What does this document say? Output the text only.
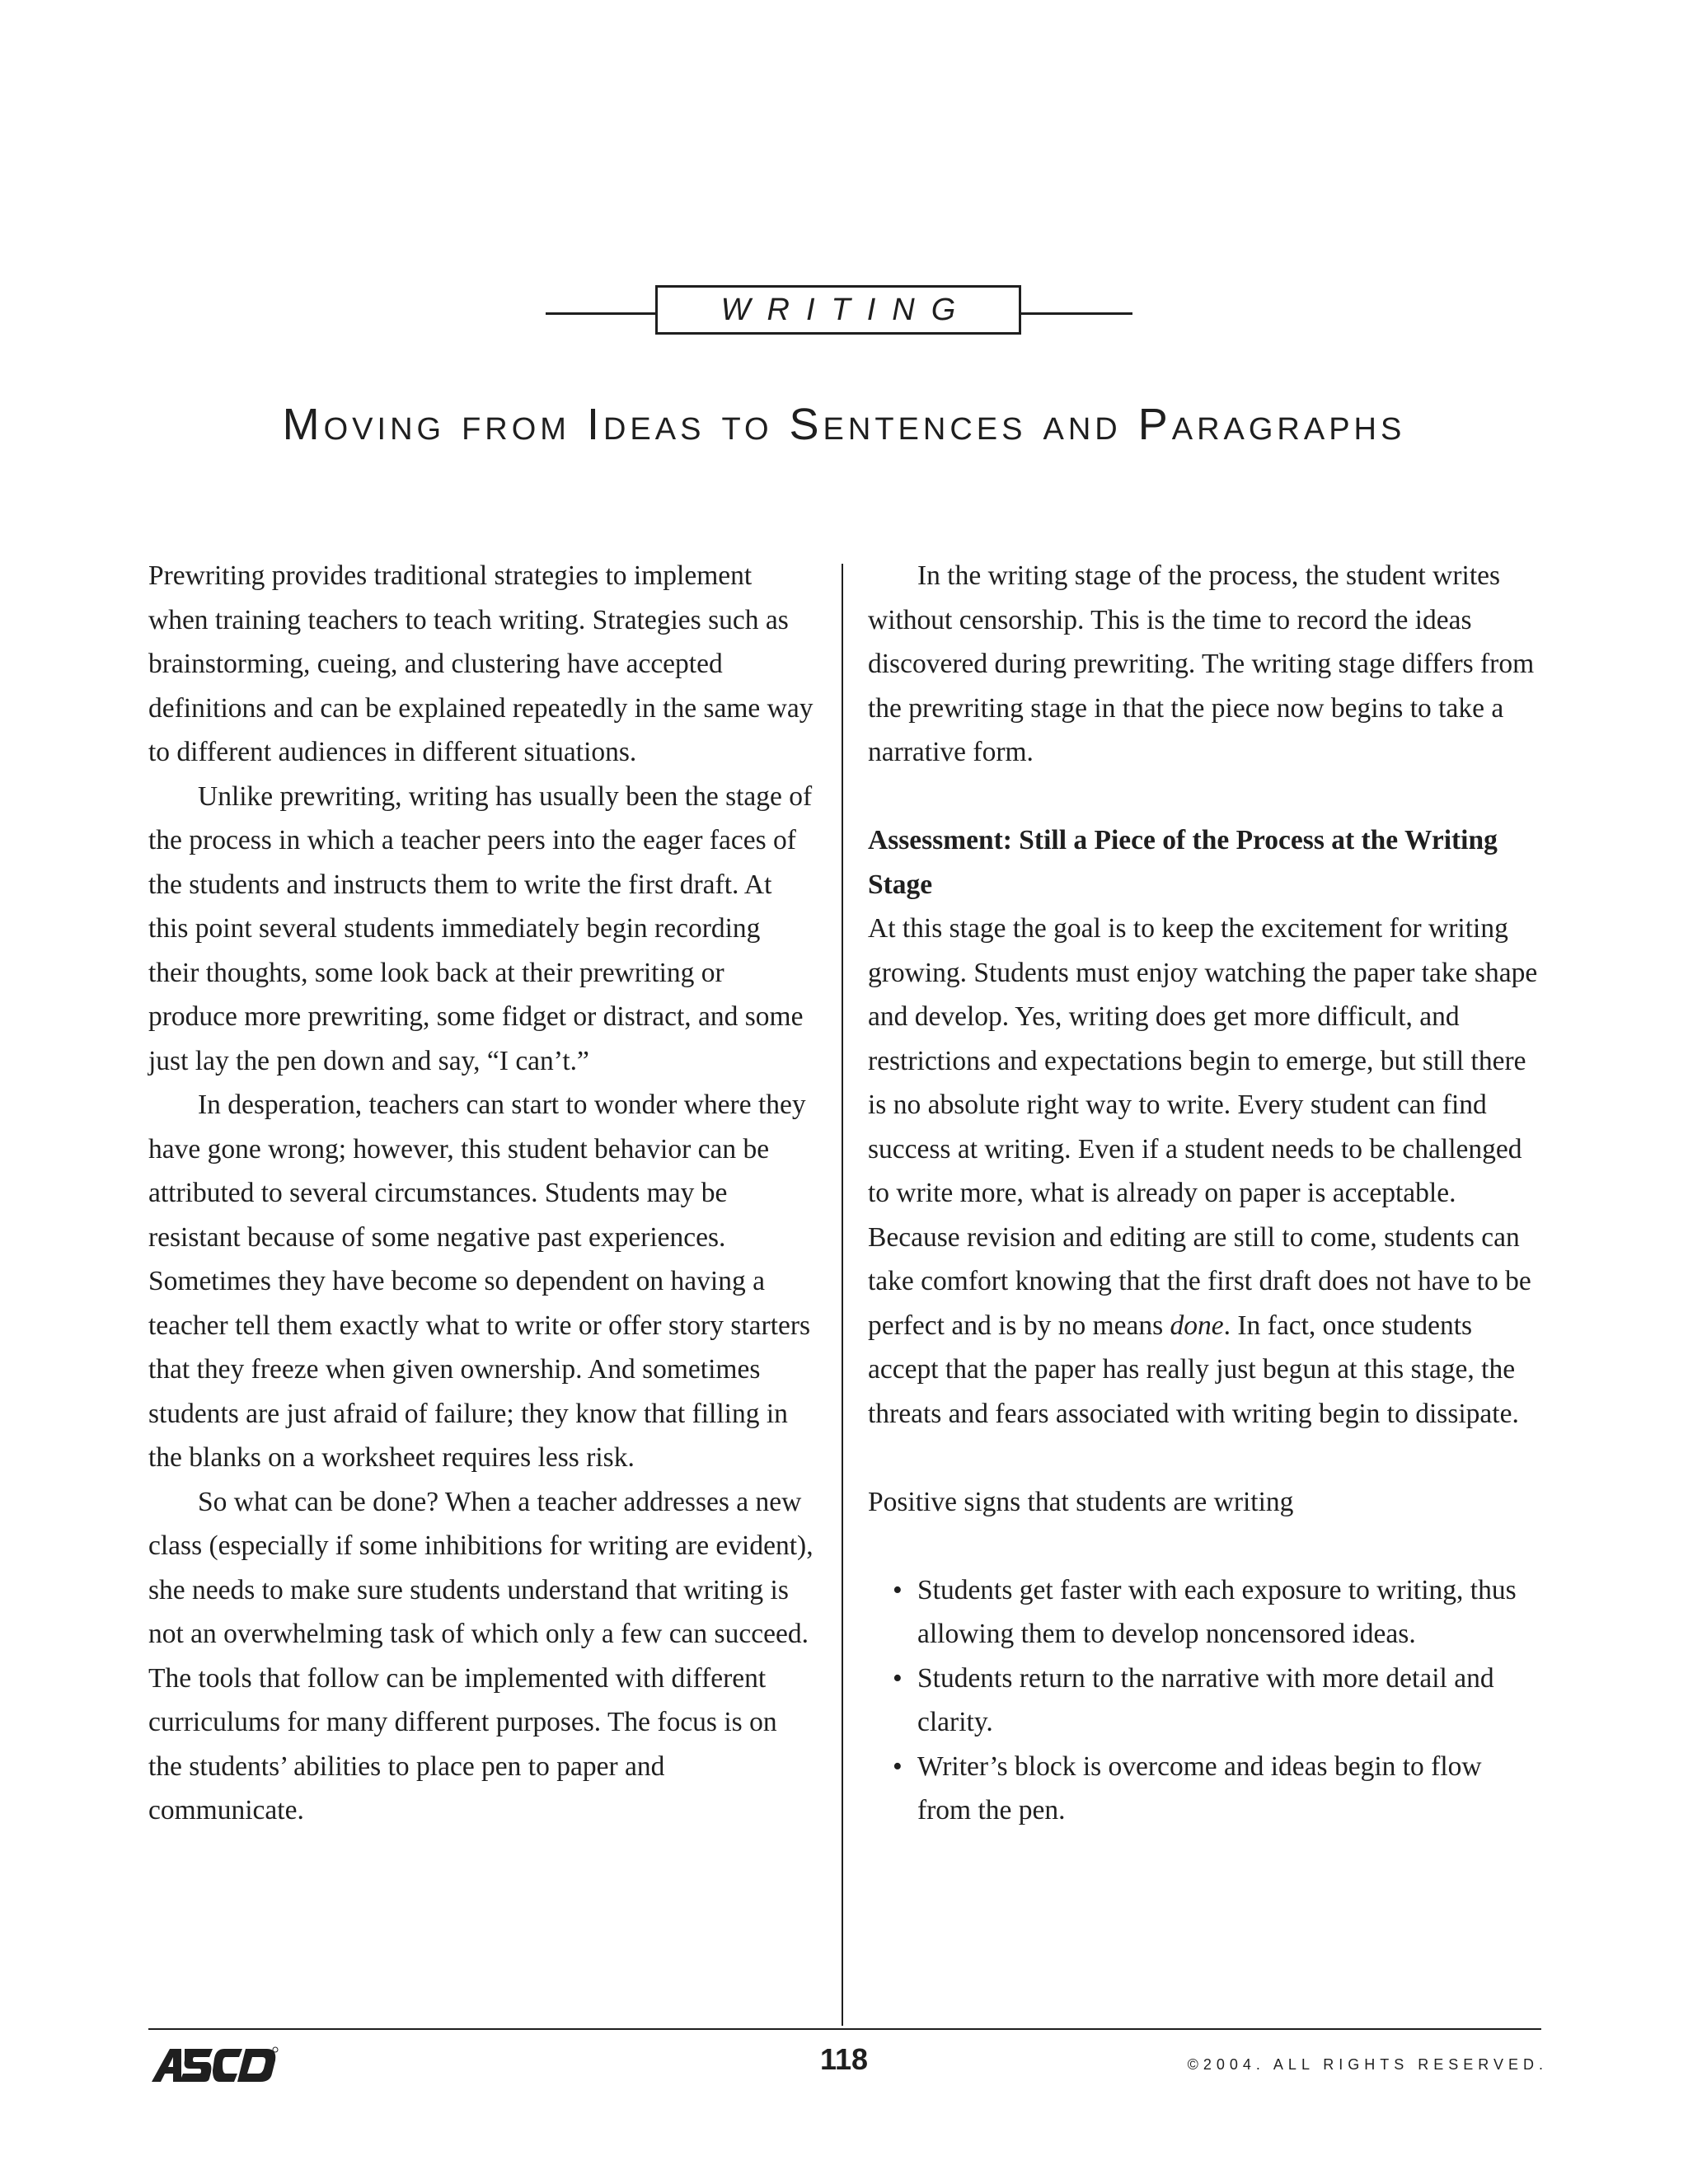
WRITING
Moving from Ideas to Sentences and Paragraphs

Prewriting provides traditional strategies to implement when training teachers to teach writing. Strategies such as brainstorming, cueing, and clustering have accepted definitions and can be explained repeatedly in the same way to different audiences in different situations.

Unlike prewriting, writing has usually been the stage of the process in which a teacher peers into the eager faces of the students and instructs them to write the first draft. At this point several students immediately begin recording their thoughts, some look back at their prewriting or produce more prewriting, some fidget or distract, and some just lay the pen down and say, “I can’t.”

In desperation, teachers can start to wonder where they have gone wrong; however, this student behavior can be attributed to several circumstances. Students may be resistant because of some negative past experiences. Sometimes they have become so dependent on having a teacher tell them exactly what to write or offer story starters that they freeze when given ownership. And sometimes students are just afraid of failure; they know that filling in the blanks on a worksheet requires less risk.

So what can be done? When a teacher addresses a new class (especially if some inhibitions for writing are evident), she needs to make sure students understand that writing is not an overwhelming task of which only a few can succeed. The tools that follow can be implemented with different curriculums for many different purposes. The focus is on the students’ abilities to place pen to paper and communicate.

In the writing stage of the process, the student writes without censorship. This is the time to record the ideas discovered during prewriting. The writing stage differs from the prewriting stage in that the piece now begins to take a narrative form.

Assessment: Still a Piece of the Process at the Writing Stage

At this stage the goal is to keep the excitement for writing growing. Students must enjoy watching the paper take shape and develop. Yes, writing does get more difficult, and restrictions and expectations begin to emerge, but still there is no absolute right way to write. Every student can find success at writing. Even if a student needs to be challenged to write more, what is already on paper is acceptable. Because revision and editing are still to come, students can take comfort knowing that the first draft does not have to be perfect and is by no means done. In fact, once students accept that the paper has really just begun at this stage, the threats and fears associated with writing begin to dissipate.

Positive signs that students are writing

• Students get faster with each exposure to writing, thus allowing them to develop noncensored ideas.
• Students return to the narrative with more detail and clarity.
• Writer’s block is overcome and ideas begin to flow from the pen.
118	©2004. ALL RIGHTS RESERVED.
